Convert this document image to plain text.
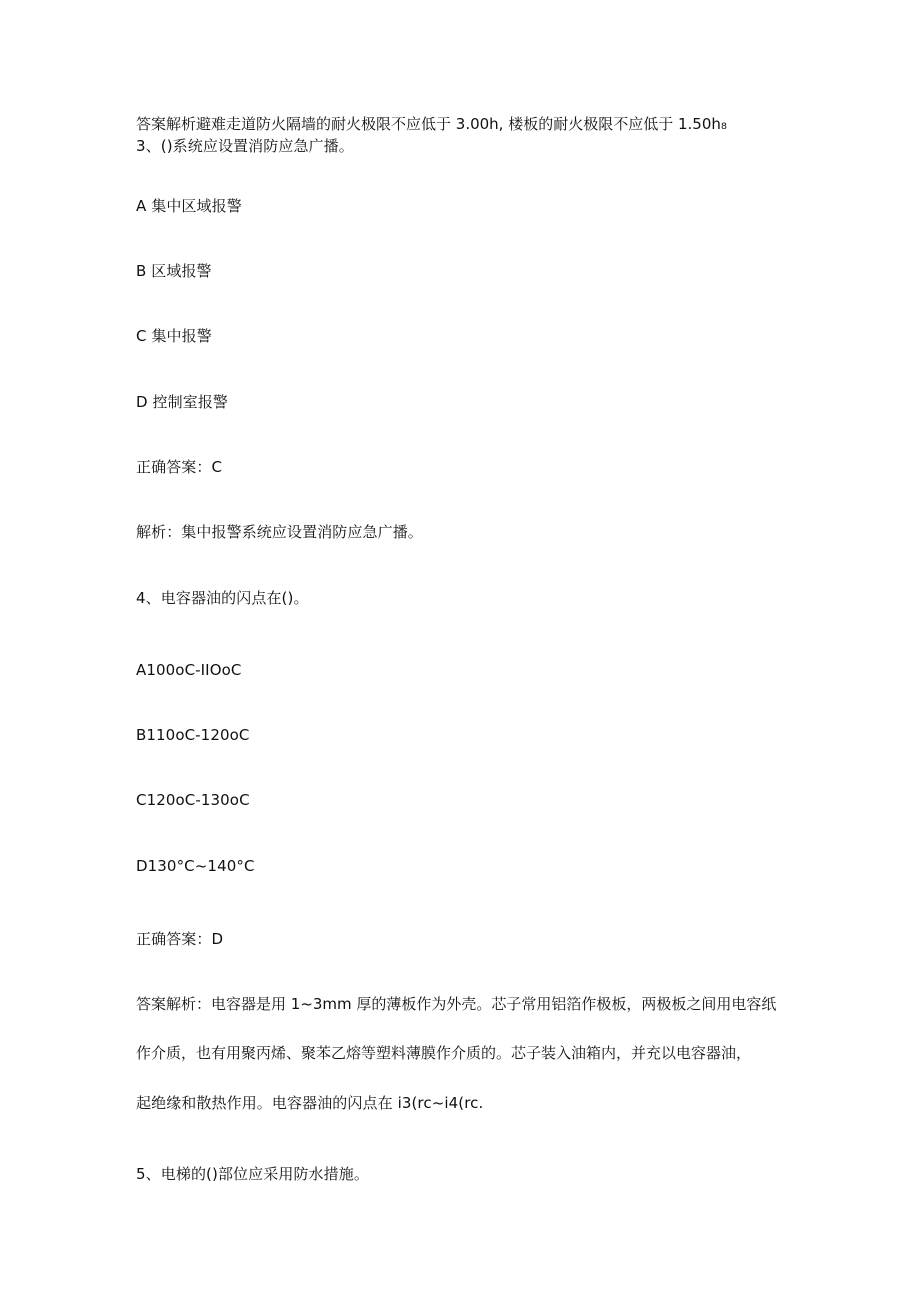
答案解析避难走道防火隔墙的耐火极限不应低于 3.00h, 楼板的耐火极限不应低于 1.50h₈
3、()系统应设置消防应急广播。
A 集中区域报警
B 区域报警
C 集中报警
D 控制室报警
正确答案：C
解析：集中报警系统应设置消防应急广播。
4、电容器油的闪点在()。
A100oC-IIOoC
B110oC-120oC
C120oC-130oC
D130°C~140°C
正确答案：D
答案解析：电容器是用 1~3mm 厚的薄板作为外壳。芯子常用铝箔作极板，两极板之间用电容纸
作介质，也有用聚丙烯、聚苯乙熔等塑料薄膜作介质的。芯子装入油箱内，并充以电容器油，
起绝缘和散热作用。电容器油的闪点在 i3(rc~i4(rc.
5、电梯的()部位应采用防水措施。
